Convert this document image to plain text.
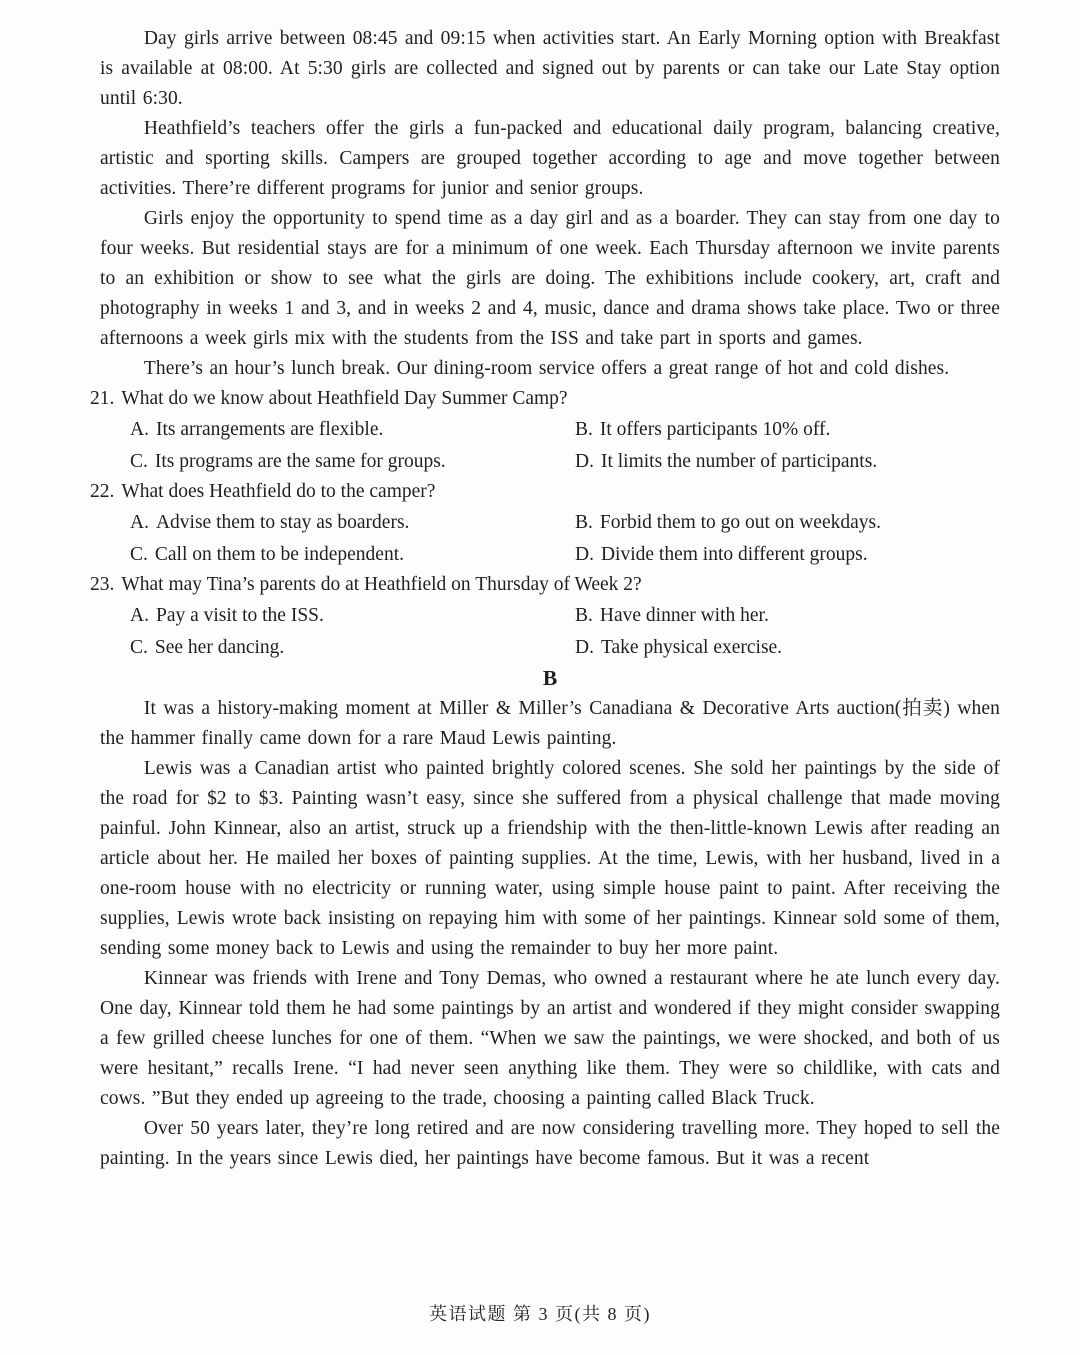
Day girls arrive between 08:45 and 09:15 when activities start. An Early Morning option with Breakfast is available at 08:00. At 5:30 girls are collected and signed out by parents or can take our Late Stay option until 6:30.

Heathfield’s teachers offer the girls a fun-packed and educational daily program, balancing creative, artistic and sporting skills. Campers are grouped together according to age and move together between activities. There’re different programs for junior and senior groups.

Girls enjoy the opportunity to spend time as a day girl and as a boarder. They can stay from one day to four weeks. But residential stays are for a minimum of one week. Each Thursday afternoon we invite parents to an exhibition or show to see what the girls are doing. The exhibitions include cookery, art, craft and photography in weeks 1 and 3, and in weeks 2 and 4, music, dance and drama shows take place. Two or three afternoons a week girls mix with the students from the ISS and take part in sports and games.

There’s an hour’s lunch break. Our dining-room service offers a great range of hot and cold dishes.

21. What do we know about Heathfield Day Summer Camp?
A. Its arrangements are flexible.	B. It offers participants 10% off.
C. Its programs are the same for groups.	D. It limits the number of participants.
22. What does Heathfield do to the camper?
A. Advise them to stay as boarders.	B. Forbid them to go out on weekdays.
C. Call on them to be independent.	D. Divide them into different groups.
23. What may Tina’s parents do at Heathfield on Thursday of Week 2?
A. Pay a visit to the ISS.	B. Have dinner with her.
C. See her dancing.	D. Take physical exercise.
B

It was a history-making moment at Miller & Miller’s Canadiana & Decorative Arts auction(拍卖) when the hammer finally came down for a rare Maud Lewis painting.

Lewis was a Canadian artist who painted brightly colored scenes. She sold her paintings by the side of the road for $2 to $3. Painting wasn’t easy, since she suffered from a physical challenge that made moving painful. John Kinnear, also an artist, struck up a friendship with the then-little-known Lewis after reading an article about her. He mailed her boxes of painting supplies. At the time, Lewis, with her husband, lived in a one-room house with no electricity or running water, using simple house paint to paint. After receiving the supplies, Lewis wrote back insisting on repaying him with some of her paintings. Kinnear sold some of them, sending some money back to Lewis and using the remainder to buy her more paint.

Kinnear was friends with Irene and Tony Demas, who owned a restaurant where he ate lunch every day. One day, Kinnear told them he had some paintings by an artist and wondered if they might consider swapping a few grilled cheese lunches for one of them. “When we saw the paintings, we were shocked, and both of us were hesitant,” recalls Irene. “I had never seen anything like them. They were so childlike, with cats and cows. ”But they ended up agreeing to the trade, choosing a painting called Black Truck.

Over 50 years later, they’re long retired and are now considering travelling more. They hoped to sell the painting. In the years since Lewis died, her paintings have become famous. But it was a recent

英语试题 第 3 页(共 8 页)
